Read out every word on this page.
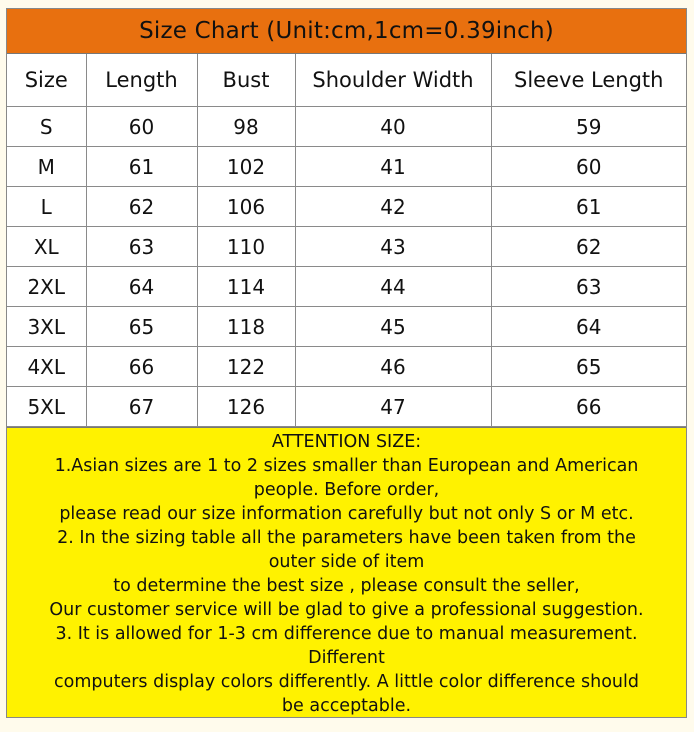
Size Chart (Unit:cm,1cm=0.39inch)
Size	Length	Bust	Shoulder Width	Sleeve Length
S	60	98	40	59
M	61	102	41	60
L	62	106	42	61
XL	63	110	43	62
2XL	64	114	44	63
3XL	65	118	45	64
4XL	66	122	46	65
5XL	67	126	47	66
ATTENTION SIZE:
1.Asian sizes are 1 to 2 sizes smaller than European and American
people. Before order,
please read our size information carefully but not only S or M etc.
2. In the sizing table all the parameters have been taken from the
outer side of item
to determine the best size , please consult the seller,
Our customer service will be glad to give a professional suggestion.
3. It is allowed for 1-3 cm difference due to manual measurement.
Different
computers display colors differently. A little color difference should
be acceptable.
